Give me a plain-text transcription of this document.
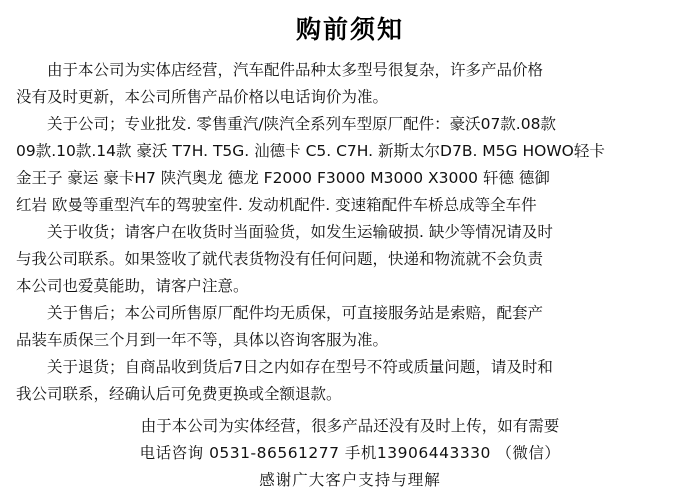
购前须知

由于本公司为实体店经营，汽车配件品种太多型号很复杂，许多产品价格

没有及时更新，本公司所售产品价格以电话询价为准。

关于公司；专业批发. 零售重汽/陕汽全系列车型原厂配件：豪沃07款.08款

09款.10款.14款 豪沃 T7H. T5G. 汕德卡 C5. C7H. 新斯太尔D7B. M5G HOWO轻卡

金王子 豪运 豪卡H7 陕汽奥龙 德龙 F2000 F3000 M3000 X3000 轩德 德御

红岩 欧曼等重型汽车的驾驶室件. 发动机配件. 变速箱配件车桥总成等全车件

关于收货；请客户在收货时当面验货，如发生运输破损. 缺少等情况请及时

与我公司联系。如果签收了就代表货物没有任何问题，快递和物流就不会负责

本公司也爱莫能助，请客户注意。

关于售后；本公司所售原厂配件均无质保，可直接服务站是索赔，配套产

品装车质保三个月到一年不等，具体以咨询客服为准。

关于退货；自商品收到货后7日之内如存在型号不符或质量问题，请及时和

我公司联系，经确认后可免费更换或全额退款。

由于本公司为实体经营，很多产品还没有及时上传，如有需要
电话咨询 0531-86561277 手机13906443330 （微信）
感谢广大客户支持与理解
